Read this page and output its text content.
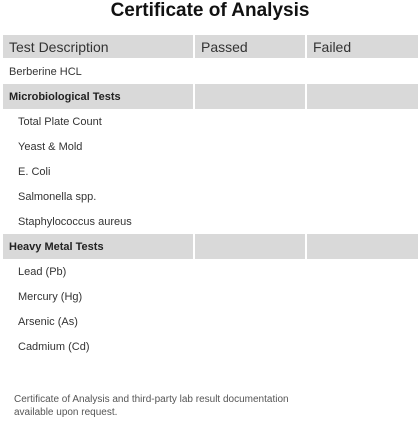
Certificate of Analysis
Test Description	Passed	Failed
Berberine HCL
Microbiological Tests
Total Plate Count
Yeast & Mold
E. Coli
Salmonella spp.
Staphylococcus aureus
Heavy Metal Tests
Lead (Pb)
Mercury (Hg)
Arsenic (As)
Cadmium (Cd)
Certificate of Analysis and third-party lab result documentation available upon request.
